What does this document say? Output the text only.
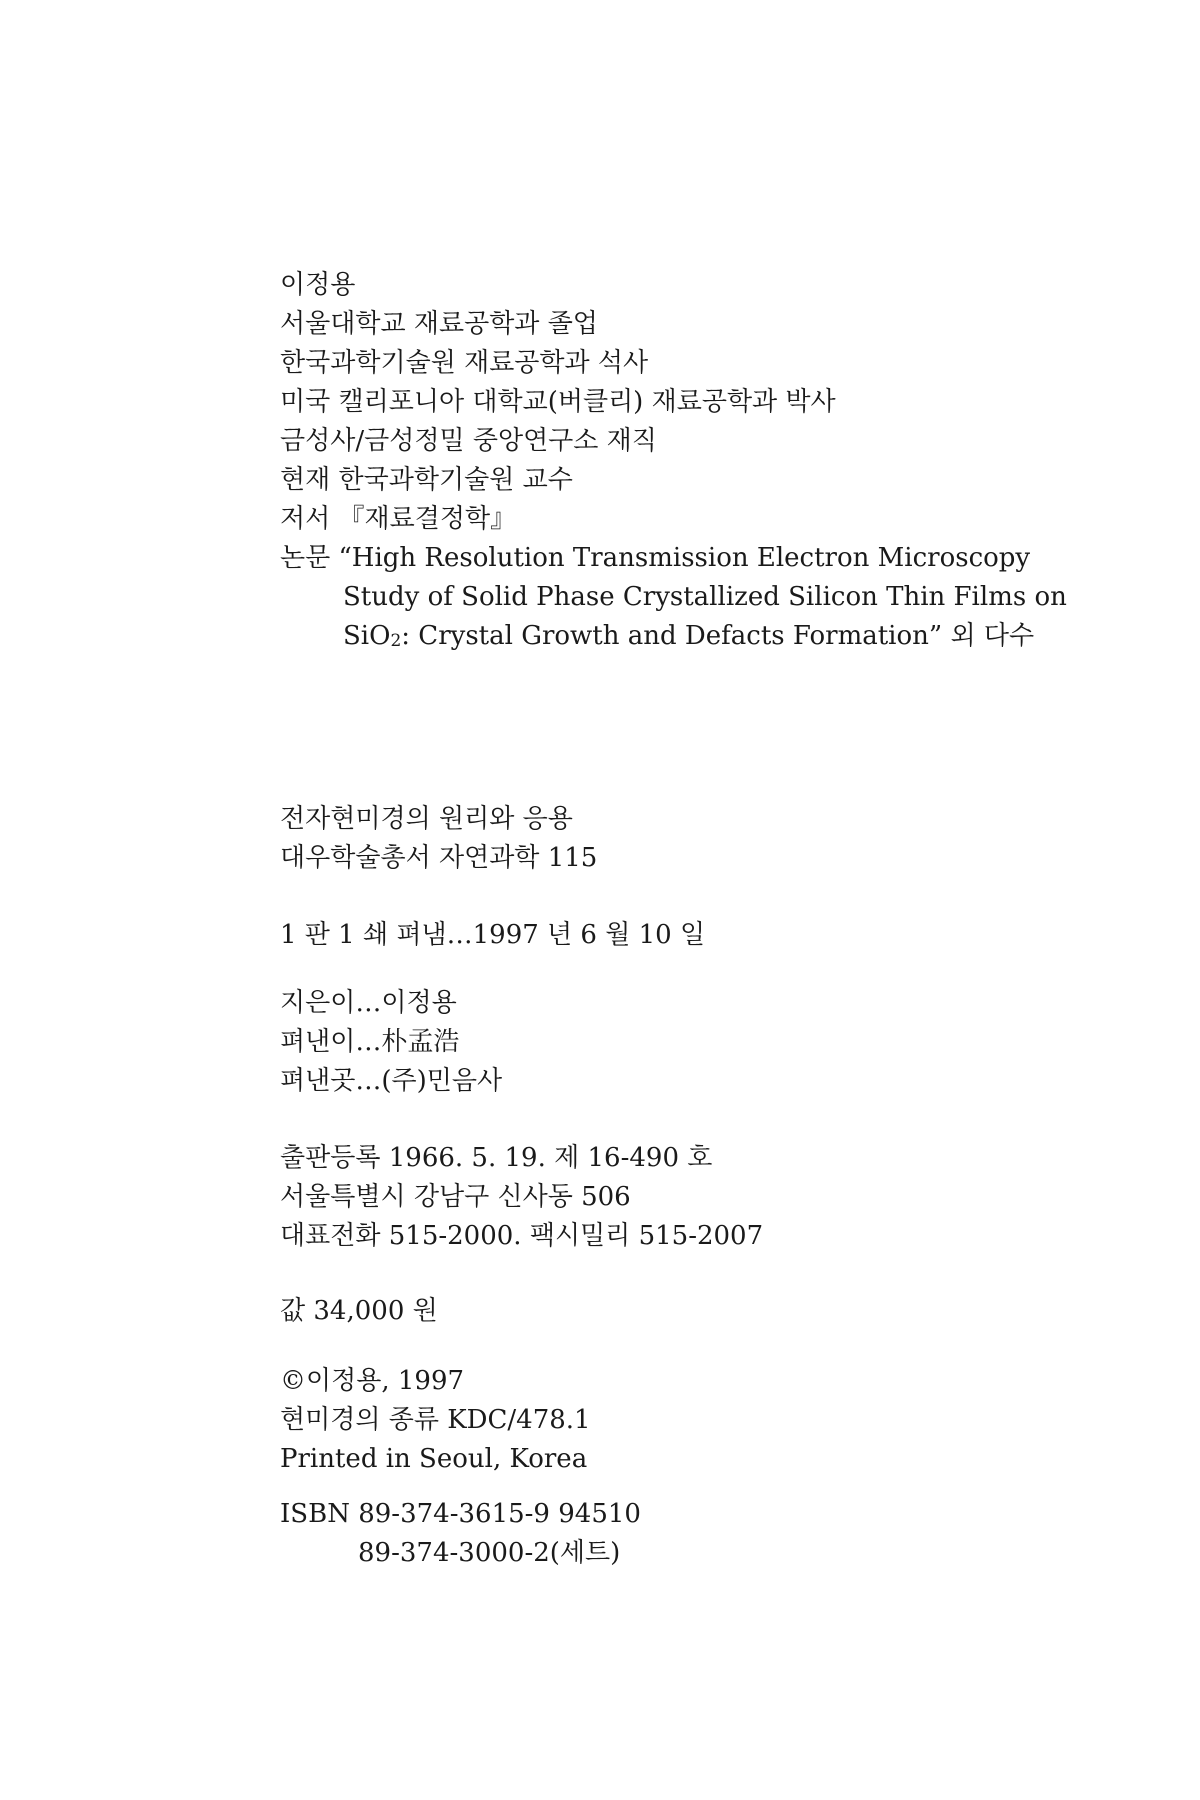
이정용
서울대학교 재료공학과 졸업
한국과학기술원 재료공학과 석사
미국 캘리포니아 대학교(버클리) 재료공학과 박사
금성사/금성정밀 중앙연구소 재직
현재 한국과학기술원 교수
저서 『재료결정학』
논문 “High Resolution Transmission Electron Microscopy
Study of Solid Phase Crystallized Silicon Thin Films on
SiO2: Crystal Growth and Defacts Formation” 외 다수
전자현미경의 원리와 응용
대우학술총서 자연과학 115
1 판 1 쇄 펴냄…1997 년 6 월 10 일
지은이…이정용
펴낸이…朴孟浩
펴낸곳…(주)민음사
출판등록 1966. 5. 19. 제 16-490 호
서울특별시 강남구 신사동 506
대표전화 515-2000. 팩시밀리 515-2007
값 34,000 원
©이정용, 1997
현미경의 종류 KDC/478.1
Printed in Seoul, Korea
ISBN 89-374-3615-9 94510
89-374-3000-2(세트)
